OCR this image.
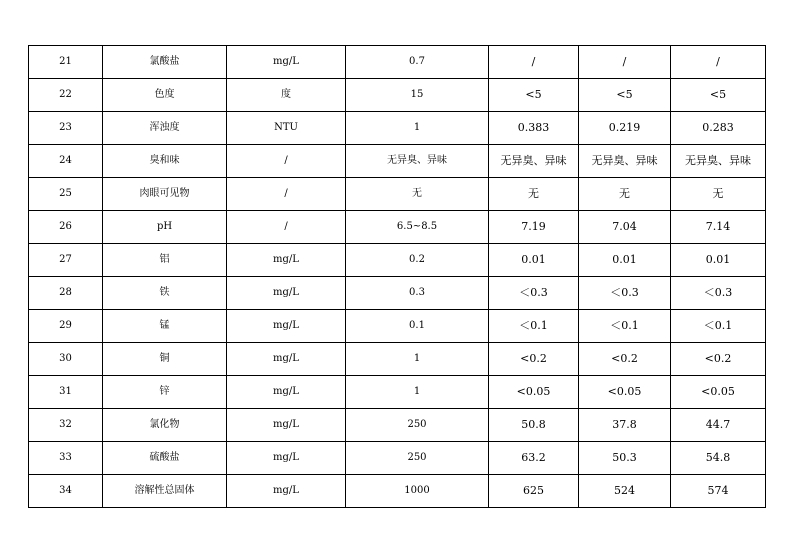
21	氯酸盐	mg/L	0.7	/	/	/
22	色度	度	15	<5	<5	<5
23	浑浊度	NTU	1	0.383	0.219	0.283
24	臭和味	/	无异臭、异味	无异臭、异味	无异臭、异味	无异臭、异味
25	肉眼可见物	/	无	无	无	无
26	pH	/	6.5~8.5	7.19	7.04	7.14
27	铝	mg/L	0.2	0.01	0.01	0.01
28	铁	mg/L	0.3	＜0.3	＜0.3	＜0.3
29	锰	mg/L	0.1	＜0.1	＜0.1	＜0.1
30	铜	mg/L	1	<0.2	<0.2	<0.2
31	锌	mg/L	1	<0.05	<0.05	<0.05
32	氯化物	mg/L	250	50.8	37.8	44.7
33	硫酸盐	mg/L	250	63.2	50.3	54.8
34	溶解性总固体	mg/L	1000	625	524	574
